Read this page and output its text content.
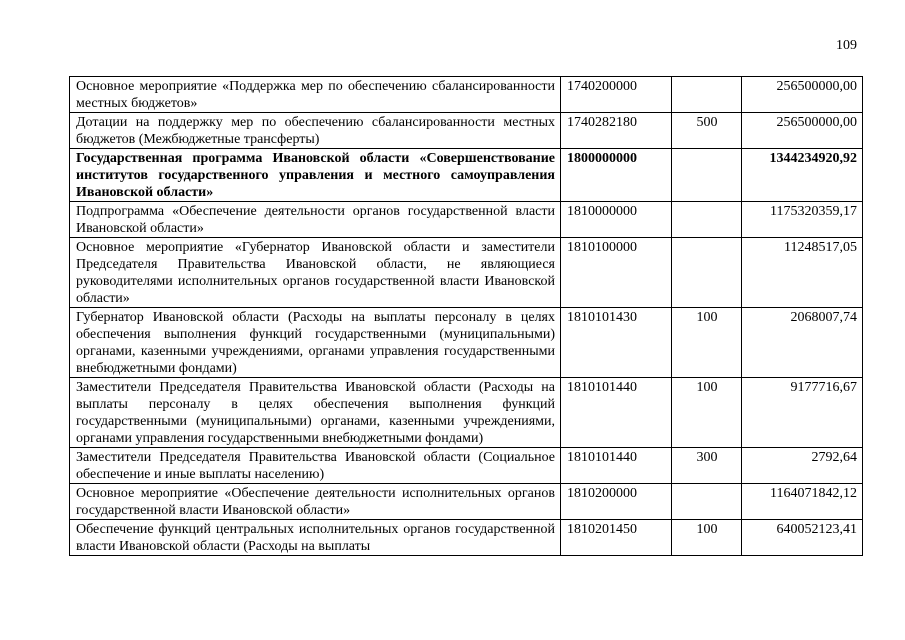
109
Основное мероприятие «Поддержка мер по обеспечению сбалансированности местных бюджетов»	1740200000		256500000,00
Дотации на поддержку мер по обеспечению сбалансированности местных бюджетов (Межбюджетные трансферты)	1740282180	500	256500000,00
Государственная программа Ивановской области «Совершенствование институтов государственного управления и местного самоуправления Ивановской области»	1800000000		1344234920,92
Подпрограмма «Обеспечение деятельности органов государственной власти Ивановской области»	1810000000		1175320359,17
Основное мероприятие «Губернатор Ивановской области и заместители Председателя Правительства Ивановской области, не являющиеся руководителями исполнительных органов государственной власти Ивановской области»	1810100000		11248517,05
Губернатор Ивановской области (Расходы на выплаты персоналу в целях обеспечения выполнения функций государственными (муниципальными) органами, казенными учреждениями, органами управления государственными внебюджетными фондами)	1810101430	100	2068007,74
Заместители Председателя Правительства Ивановской области (Расходы на выплаты персоналу в целях обеспечения выполнения функций государственными (муниципальными) органами, казенными учреждениями, органами управления государственными внебюджетными фондами)	1810101440	100	9177716,67
Заместители Председателя Правительства Ивановской области (Социальное обеспечение и иные выплаты населению)	1810101440	300	2792,64
Основное мероприятие «Обеспечение деятельности исполнительных органов государственной власти Ивановской области»	1810200000		1164071842,12

Обеспечение функций центральных исполнительных органов государственной власти Ивановской области (Расходы на выплаты	1810201450	100	640052123,41
